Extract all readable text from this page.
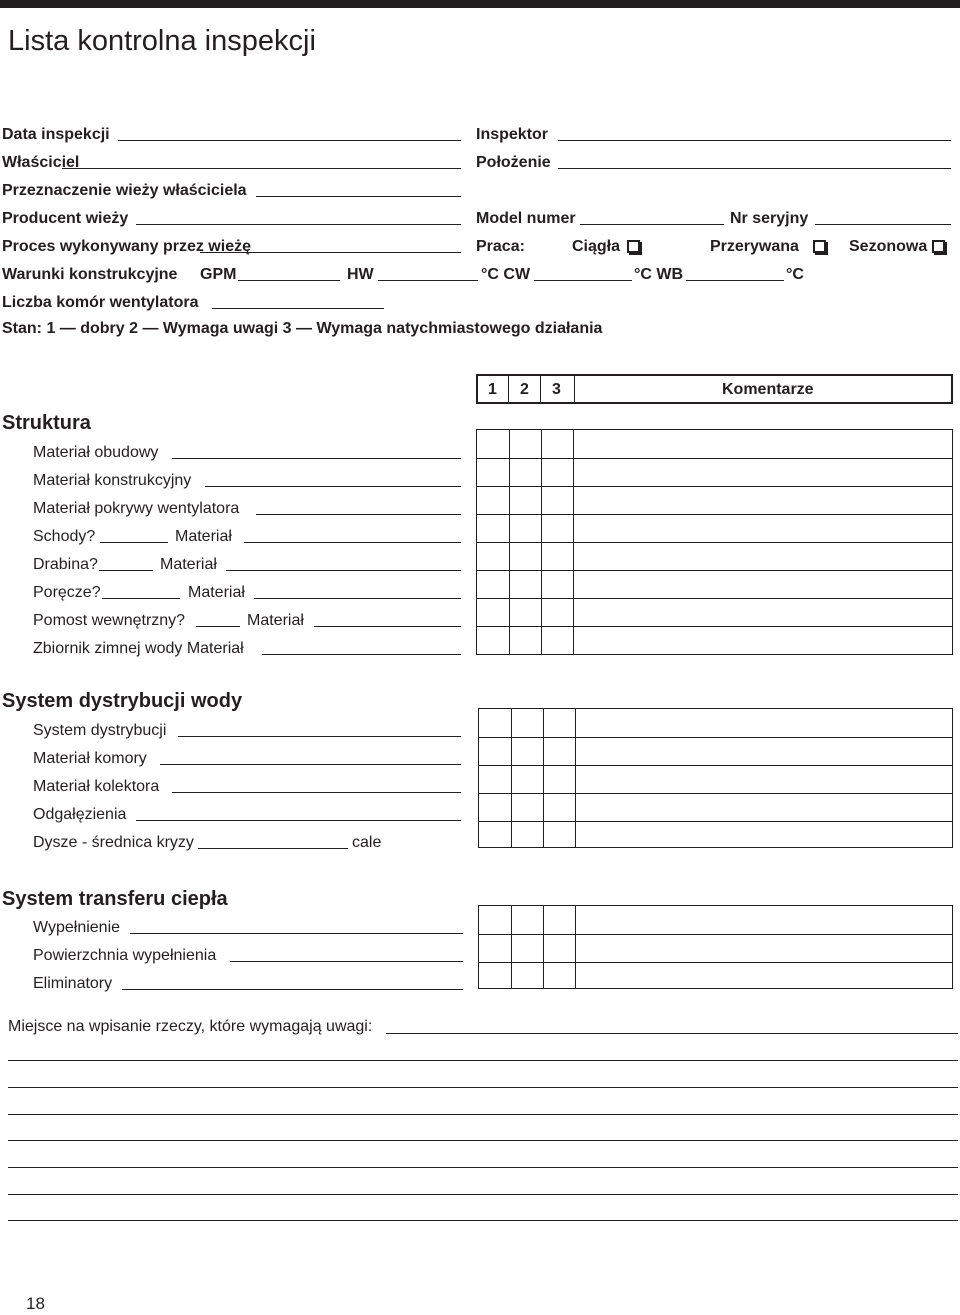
Lista kontrolna inspekcji
Data inspekcji	Inspektor
Właściciel	Położenie
Przeznaczenie wieży właściciela
Producent wieży	Model numer	Nr seryjny
Proces wykonywany przez wieżę	Praca:	Ciągła	Przerywana	Sezonowa
Warunki konstrukcyjne GPM	HW	°C CW	°C WB	°C
Liczba komór wentylatora
Stan: 1 — dobry 2 — Wymaga uwagi 3 — Wymaga natychmiastowego działania
1 2 3	Komentarze
Struktura
Materiał obudowy
Materiał konstrukcyjny
Materiał pokrywy wentylatora
Schody?	Materiał
Drabina?	Materiał
Poręcze?	Materiał
Pomost wewnętrzny?	Materiał
Zbiornik zimnej wody Materiał
System dystrybucji wody
System dystrybucji
Materiał komory
Materiał kolektora
Odgałęzienia
Dysze - średnica kryzy	cale
System transferu ciepła
Wypełnienie
Powierzchnia wypełnienia
Eliminatory
Miejsce na wpisanie rzeczy, które wymagają uwagi:
18
